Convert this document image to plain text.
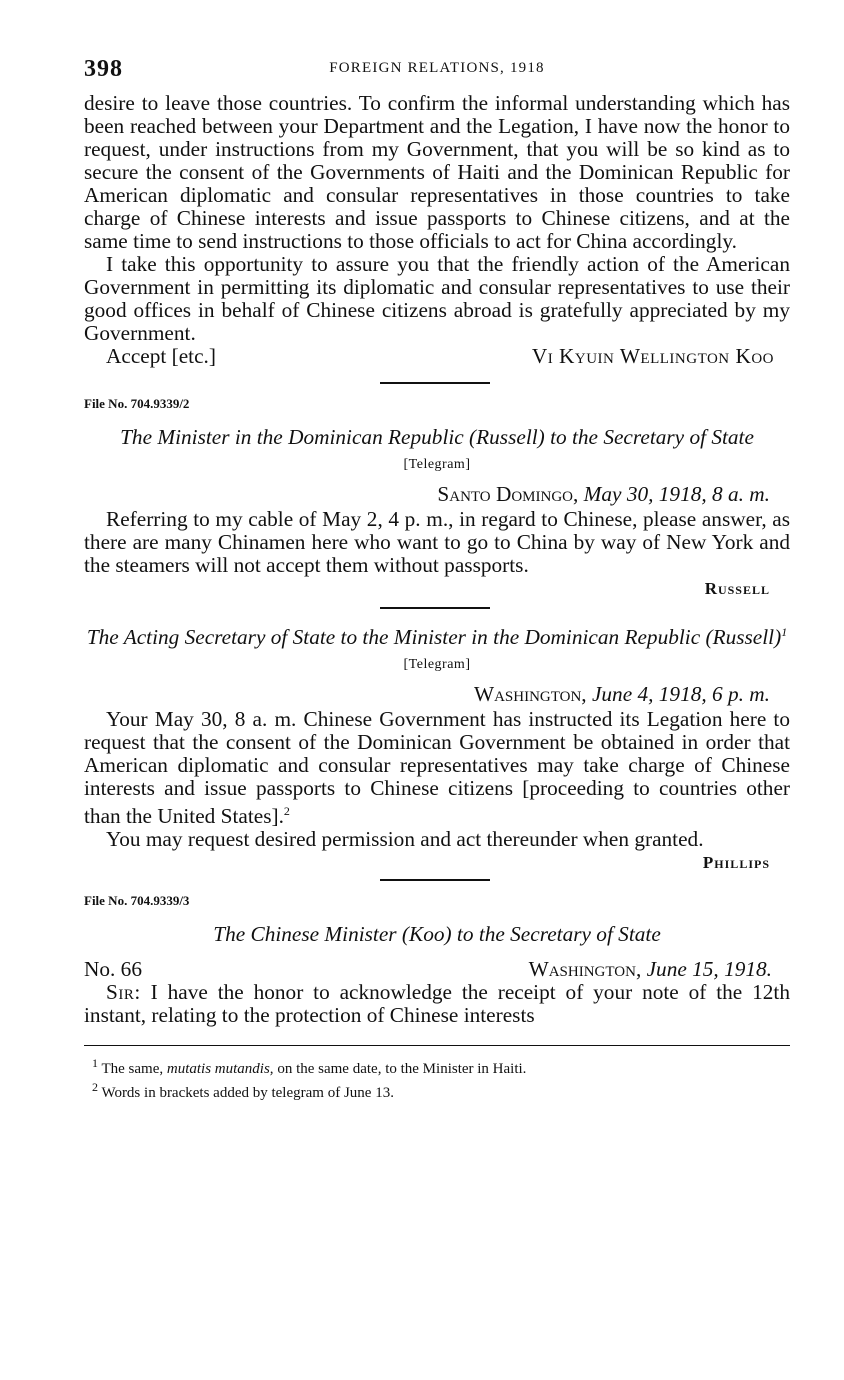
398	FOREIGN RELATIONS, 1918

desire to leave those countries. To confirm the informal understanding which has been reached between your Department and the Legation, I have now the honor to request, under instructions from my Government, that you will be so kind as to secure the consent of the Governments of Haiti and the Dominican Republic for American diplomatic and consular representatives in those countries to take charge of Chinese interests and issue passports to Chinese citizens, and at the same time to send instructions to those officials to act for China accordingly.

I take this opportunity to assure you that the friendly action of the American Government in permitting its diplomatic and consular representatives to use their good offices in behalf of Chinese citizens abroad is gratefully appreciated by my Government.

Accept [etc.]	Vi Kyuin Wellington Koo
File No. 704.9339/2
The Minister in the Dominican Republic (Russell) to the Secretary of State
[Telegram]
Santo Domingo, May 30, 1918, 8 a. m.

Referring to my cable of May 2, 4 p. m., in regard to Chinese, please answer, as there are many Chinamen here who want to go to China by way of New York and the steamers will not accept them without passports.

Russell
The Acting Secretary of State to the Minister in the Dominican Republic (Russell)$^1$
[Telegram]
Washington, June 4, 1918, 6 p. m.

Your May 30, 8 a. m. Chinese Government has instructed its Legation here to request that the consent of the Dominican Government be obtained in order that American diplomatic and consular representatives may take charge of Chinese interests and issue passports to Chinese citizens [proceeding to countries other than the United States].$^2$

You may request desired permission and act thereunder when granted.

Phillips
File No. 704.9339/3
The Chinese Minister (Koo) to the Secretary of State
No. 66	Washington, June 15, 1918.

Sir: I have the honor to acknowledge the receipt of your note of the 12th instant, relating to the protection of Chinese interests

$^1$ The same, mutatis mutandis, on the same date, to the Minister in Haiti.
$^2$ Words in brackets added by telegram of June 13.
